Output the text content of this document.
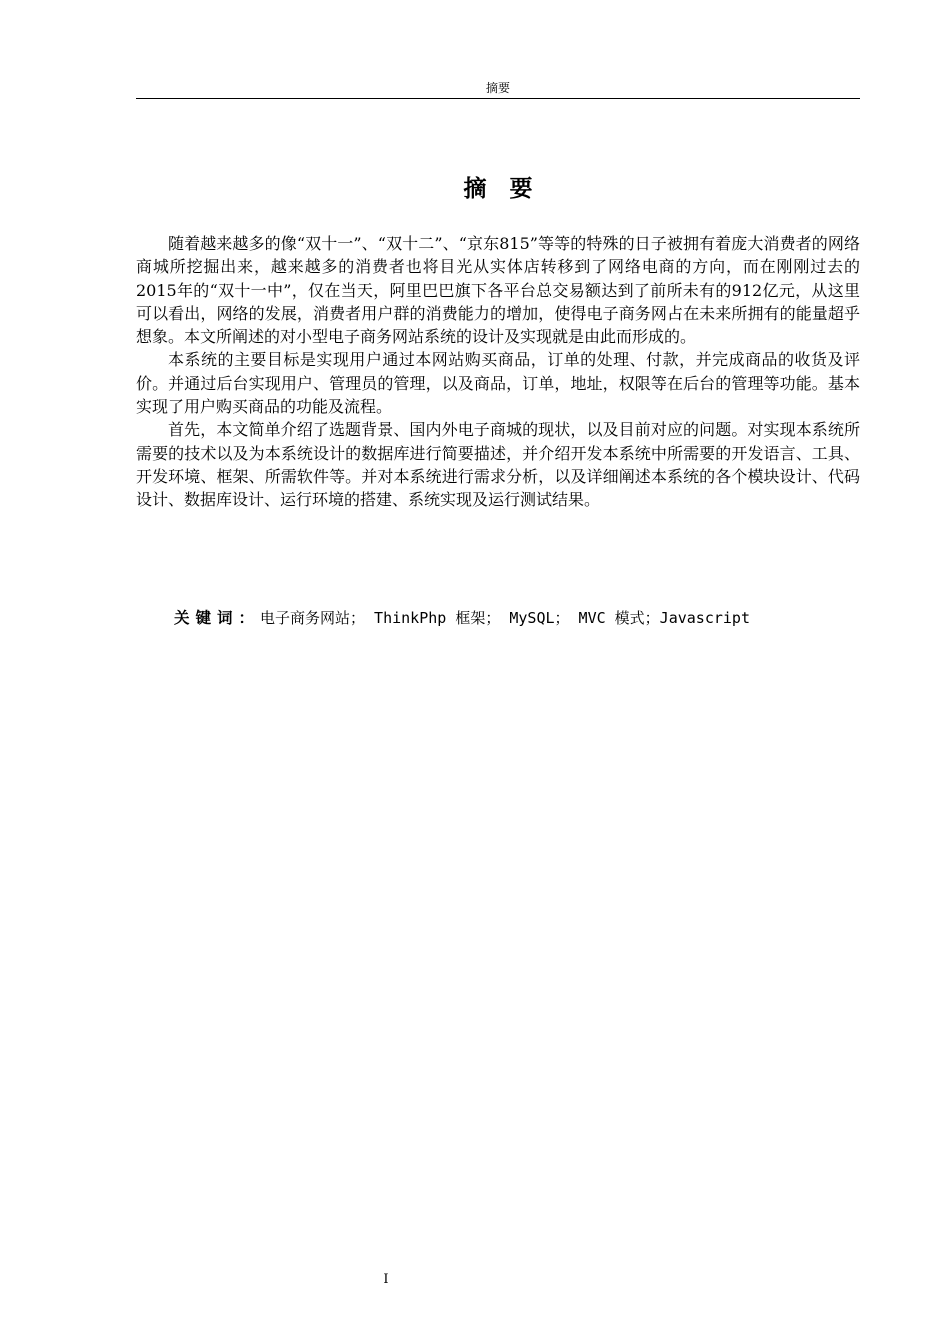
摘要
摘　要

随着越来越多的像“双十一”、“双十二”、“京东815”等等的特殊的日子被拥有着庞大消费者的网络商城所挖掘出来，越来越多的消费者也将目光从实体店转移到了网络电商的方向，而在刚刚过去的2015年的“双十一中”，仅在当天，阿里巴巴旗下各平台总交易额达到了前所未有的912亿元，从这里可以看出，网络的发展，消费者用户群的消费能力的增加，使得电子商务网占在未来所拥有的能量超乎想象。本文所阐述的对小型电子商务网站系统的设计及实现就是由此而形成的。

本系统的主要目标是实现用户通过本网站购买商品，订单的处理、付款，并完成商品的收货及评价。并通过后台实现用户、管理员的管理，以及商品，订单，地址，权限等在后台的管理等功能。基本实现了用户购买商品的功能及流程。

首先，本文简单介绍了选题背景、国内外电子商城的现状，以及目前对应的问题。对实现本系统所需要的技术以及为本系统设计的数据库进行简要描述，并介绍开发本系统中所需要的开发语言、工具、开发环境、框架、所需软件等。并对本系统进行需求分析，以及详细阐述本系统的各个模块设计、代码设计、数据库设计、运行环境的搭建、系统实现及运行测试结果。

关键词：电子商务网站； ThinkPhp 框架； MySQL； MVC 模式；Javascript
I
